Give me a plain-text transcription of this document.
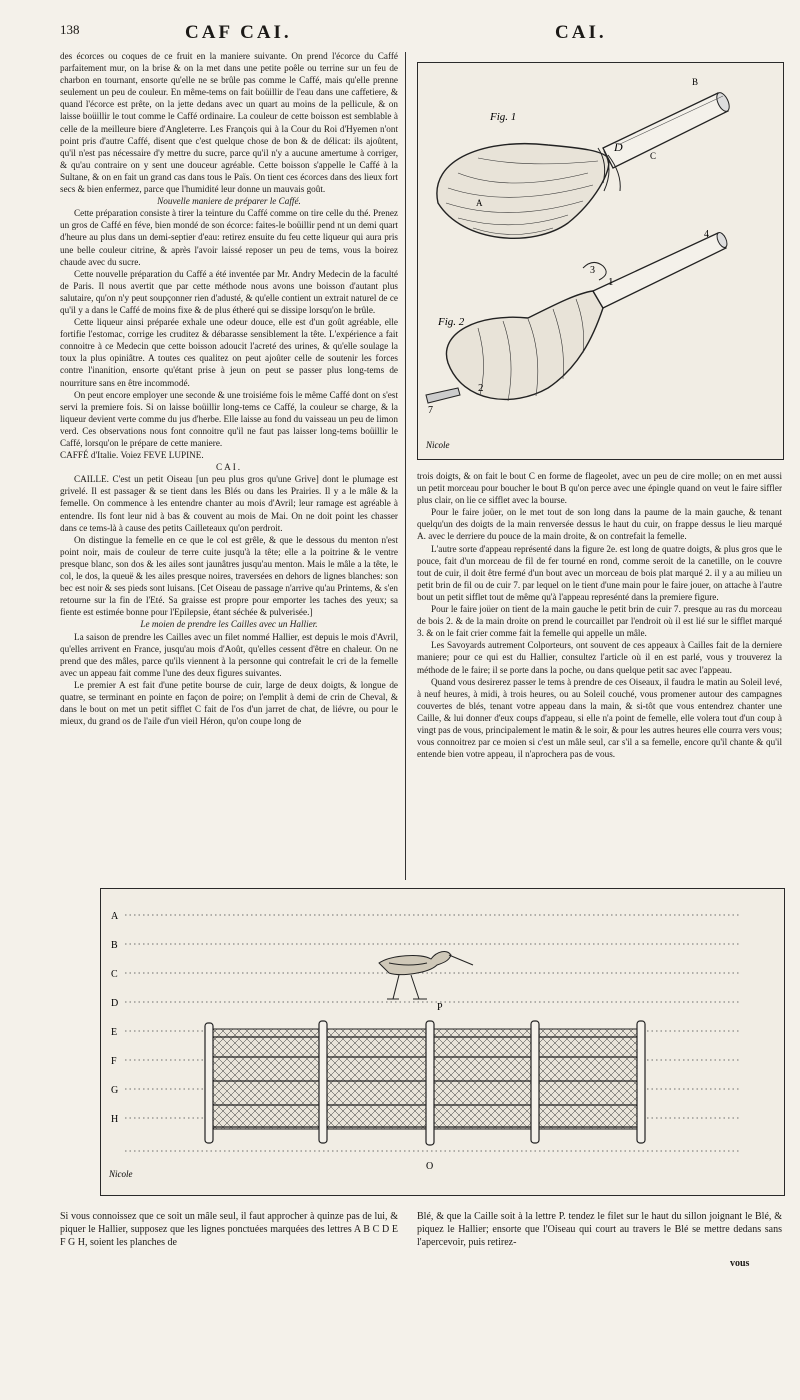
138	CAF CAI.	CAI.

des écorces ou coques de ce fruit en la maniere suivante. On prend l'écorce du Caffé parfaitement mur, on la brise & on la met dans une petite poêle ou terrine sur un feu de charbon en tournant, ensorte qu'elle ne se brûle pas comme le Caffé, mais qu'elle prenne seulement un peu de couleur. En même-tems on fait boüillir de l'eau dans une caffetiere, & quand l'écorce est prête, on la jette dedans avec un quart au moins de la pellicule, & on laisse boüillir le tout comme le Caffé ordinaire. La couleur de cette boisson est semblable à celle de la meilleure biere d'Angleterre. Les François qui à la Cour du Roi d'Hyemen n'ont point pris d'autre Caffé, disent que c'est quelque chose de bon & de délicat: ils ajoûtent, qu'il n'est pas nécessaire d'y mettre du sucre, parce qu'il n'y a aucune amertume à corriger, & qu'au contraire on y sent une douceur agréable. Cette boisson s'appelle le Caffé à la Sultane, & on en fait un grand cas dans tous le Païs. On tient ces écorces dans des lieux fort secs & bien enfermez, parce que l'humidité leur donne un mauvais goût.

Nouvelle maniere de préparer le Caffé.

Cette préparation consiste à tirer la teinture du Caffé comme on tire celle du thé. Prenez un gros de Caffé en féve, bien mondé de son écorce: faites-le boüillir pend nt un demi quart d'heure au plus dans un demi-septier d'eau: retirez ensuite du feu cette liqueur qui aura pris une belle couleur citrine, & après l'avoir laissé reposer un peu de tems, vous la boirez chaude avec du sucre.

Cette nouvelle préparation du Caffé a été inventée par Mr. Andry Medecin de la faculté de Paris. Il nous avertit que par cette méthode nous avons une boisson d'autant plus salutaire, qu'on n'y peut soupçonner rien d'adusté, & qu'elle contient un extrait naturel de ce qu'il y a dans le Caffé de moins fixe & de plus étheré qui se dissipe lorsqu'on le brûle.

Cette liqueur ainsi préparée exhale une odeur douce, elle est d'un goût agréable, elle fortifie l'estomac, corrige les cruditez & débarasse sensiblement la tête. L'expérience a fait connoitre à ce Medecin que cette boisson adoucit l'acreté des urines, & qu'elle soulage la toux la plus opiniâtre. A toutes ces qualitez on peut ajoûter celle de soutenir les forces contre l'inanition, ensorte qu'étant prise à jeun on peut se passer plus long-tems de nourriture sans en être incommodé.

On peut encore employer une seconde & une troisiéme fois le même Caffé dont on s'est servi la premiere fois. Si on laisse boüillir long-tems ce Caffé, la couleur se charge, & la liqueur devient verte comme du jus d'herbe. Elle laisse au fond du vaisseau un peu de limon verd. Ces observations nous font connoitre qu'il ne faut pas laisser long-tems boüillir le Caffé, lorsqu'on le prépare de cette maniere.

CAFFÉ d'Italie. Voiez FEVE LUPINE.

CAI.

CAILLE. C'est un petit Oiseau [un peu plus gros qu'une Grive] dont le plumage est grivelé. Il est passager & se tient dans les Blés ou dans les Prairies. Il y a le mâle & la femelle. On commence à les entendre chanter au mois d'Avril; leur ramage est agréable à entendre. Ils font leur nid à bas & couvent au mois de Mai. On ne doit point les chasser dans ce tems-là à cause des petits Cailleteaux qu'on perdroit.

On distingue la femelle en ce que le col est grêle, & que le dessous du menton n'est point noir, mais de couleur de terre cuite jusqu'à la tête; elle a la poitrine & le ventre presque blanc, son dos & les ailes sont jaunâtres jusqu'au menton. Mais le mâle a la tête, le col, le dos, la queuë & les ailes presque noires, traversées en dehors de lignes blanches: son bec est noir & ses pieds sont luisans. [Cet Oiseau de passage n'arrive qu'au Printems, & s'en retourne sur la fin de l'Eté. Sa graisse est propre pour emporter les taches des yeux; sa fiente est estimée bonne pour l'Epilepsie, étant séchée & pulverisée.]

Le moien de prendre les Cailles avec un Hallier.

La saison de prendre les Cailles avec un filet nommé Hallier, est depuis le mois d'Avril, qu'elles arrivent en France, jusqu'au mois d'Août, qu'elles cessent d'être en chaleur. On ne prend que des mâles, parce qu'ils viennent à la personne qui contrefait le cri de la femelle avec un appeau fait comme l'une des deux figures suivantes.

Le premier A est fait d'une petite bourse de cuir, large de deux doigts, & longue de quatre, se terminant en pointe en façon de poire; on l'emplit à demi de crin de Cheval, & dans le bout on met un petit sifflet C fait de l'os d'un jarret de chat, de liévre, ou pour le mieux, du grand os de l'aile d'un vieil Héron, qu'on coupe long de

Fig. 1
Fig. 2
A
B
C
D
4
3
1
2
7
Nicole

trois doigts, & on fait le bout C en forme de flageolet, avec un peu de cire molle; on en met aussi un petit morceau pour boucher le bout B qu'on perce avec une épingle quand on veut le faire siffler plus clair, on lie ce sifflet avec la bourse.

Pour le faire joüer, on le met tout de son long dans la paume de la main gauche, & tenant quelqu'un des doigts de la main renversée dessus le haut du cuir, on frappe dessus le lieu marqué A. avec le derriere du pouce de la main droite, & on contrefait la femelle.

L'autre sorte d'appeau représenté dans la figure 2e. est long de quatre doigts, & plus gros que le pouce, fait d'un morceau de fil de fer tourné en rond, comme seroit de la canetille, on le couvre tout de cuir, il doit être fermé d'un bout avec un morceau de bois plat marqué 2. il y a au milieu un petit brin de fil ou de cuir 7. par lequel on le tient d'une main pour le faire jouer, on attache à l'autre bout un petit sifflet tout de même qu'à l'appeau represénté dans la premiere figure.

Pour le faire joüer on tient de la main gauche le petit brin de cuir 7. presque au ras du morceau de bois 2. & de la main droite on prend le courcaillet par l'endroit où il est lié sur le sifflet marqué 3. & on le fait crier comme fait la femelle qui appelle un mâle.

Les Savoyards autrement Colporteurs, ont souvent de ces appeaux à Cailles fait de la derniere maniere; pour ce qui est du Hallier, consultez l'article où il en est parlé, vous y trouverez la méthode de le faire; il se porte dans la poche, ou dans quelque petit sac avec l'appeau.

Quand vous desirerez passer le tems à prendre de ces Oiseaux, il faudra le matin au Soleil levé, à neuf heures, à midi, à trois heures, ou au Soleil couché, vous promener autour des campagnes couvertes de blés, tenant votre appeau dans la main, & si-tôt que vous entendrez chanter une Caille, & lui donner d'eux coups d'appeau, si elle n'a point de femelle, elle volera tout d'un coup à vingt pas de vous, principalement le matin & le soir, & pour les autres heures elle courra vers vous; vous connoitrez par ce moien si c'est un mâle seul, car s'il a sa femelle, encore qu'il chante & qu'il entende bien votre appeau, il n'aprochera pas de vous.

A
B
C
D
E
F
G
H
P
O
Nicole
Si vous connoissez que ce soit un mâle seul, il faut approcher à quinze pas de lui, & piquer le Hallier, supposez que les lignes ponctuées marquées des lettres A B C D E F G H, soient les planches de
Blé, & que la Caille soit à la lettre P. tendez le filet sur le haut du sillon joignant le Blé, & piquez le Hallier; ensorte que l'Oiseau qui court au travers le Blé se mettre dedans sans l'apercevoir, puis retirez-
vous
